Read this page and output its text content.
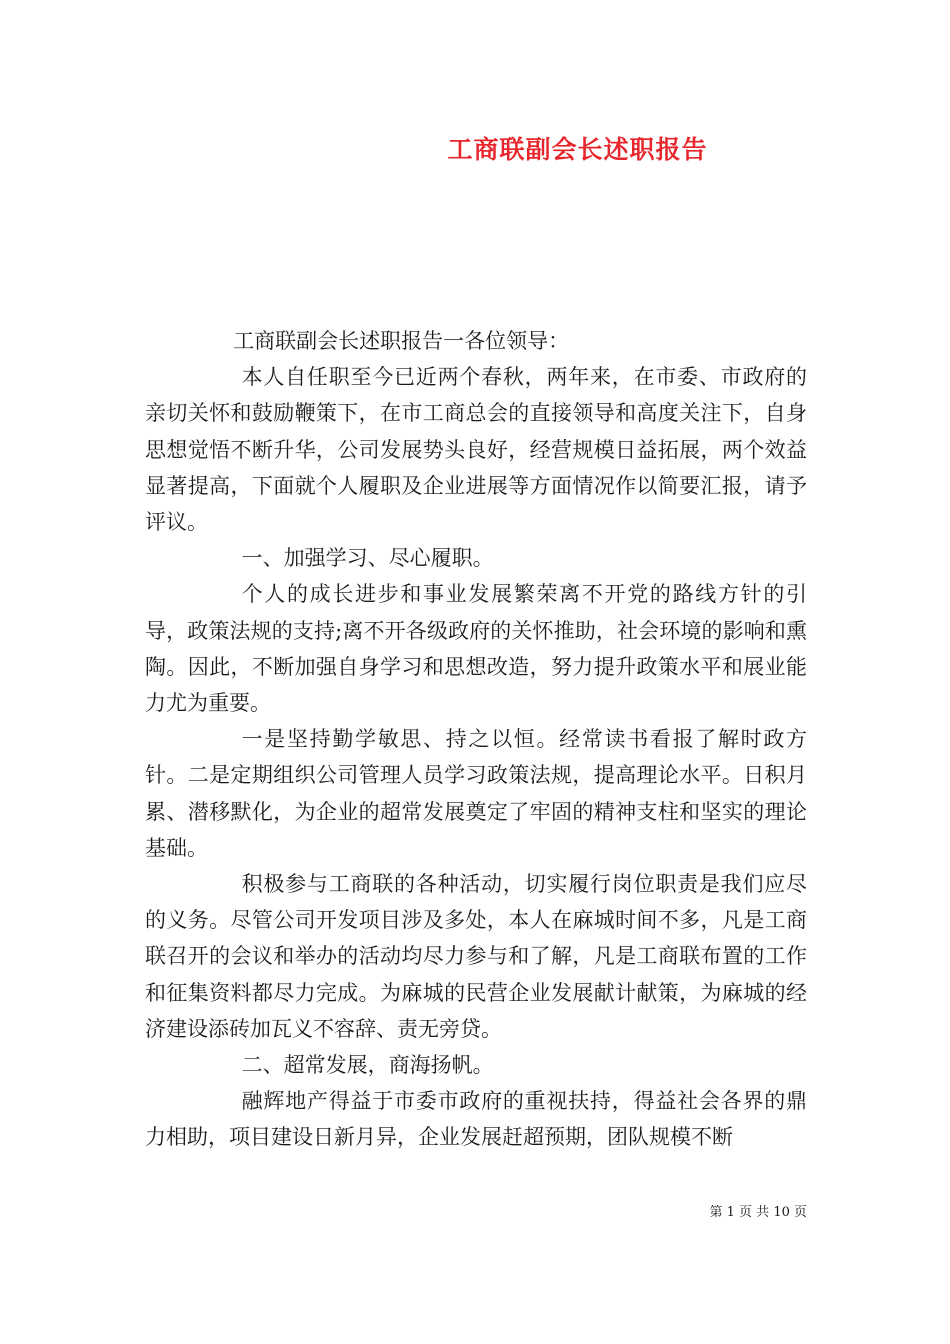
工商联副会长述职报告

工商联副会长述职报告一各位领导：

本人自任职至今已近两个春秋，两年来，在市委、市政府的亲切关怀和鼓励鞭策下，在市工商总会的直接领导和高度关注下，自身思想觉悟不断升华，公司发展势头良好，经营规模日益拓展，两个效益显著提高，下面就个人履职及企业进展等方面情况作以简要汇报，请予评议。

一、加强学习、尽心履职。

个人的成长进步和事业发展繁荣离不开党的路线方针的引导，政策法规的支持;离不开各级政府的关怀推助，社会环境的影响和熏陶。因此，不断加强自身学习和思想改造，努力提升政策水平和展业能力尤为重要。

一是坚持勤学敏思、持之以恒。经常读书看报了解时政方针。二是定期组织公司管理人员学习政策法规，提高理论水平。日积月累、潜移默化，为企业的超常发展奠定了牢固的精神支柱和坚实的理论基础。

积极参与工商联的各种活动，切实履行岗位职责是我们应尽的义务。尽管公司开发项目涉及多处，本人在麻城时间不多，凡是工商联召开的会议和举办的活动均尽力参与和了解，凡是工商联布置的工作和征集资料都尽力完成。为麻城的民营企业发展献计献策，为麻城的经济建设添砖加瓦义不容辞、责无旁贷。

二、超常发展，商海扬帆。

融辉地产得益于市委市政府的重视扶持，得益社会各界的鼎力相助，项目建设日新月异，企业发展赶超预期，团队规模不断

第 1 页 共 10 页
